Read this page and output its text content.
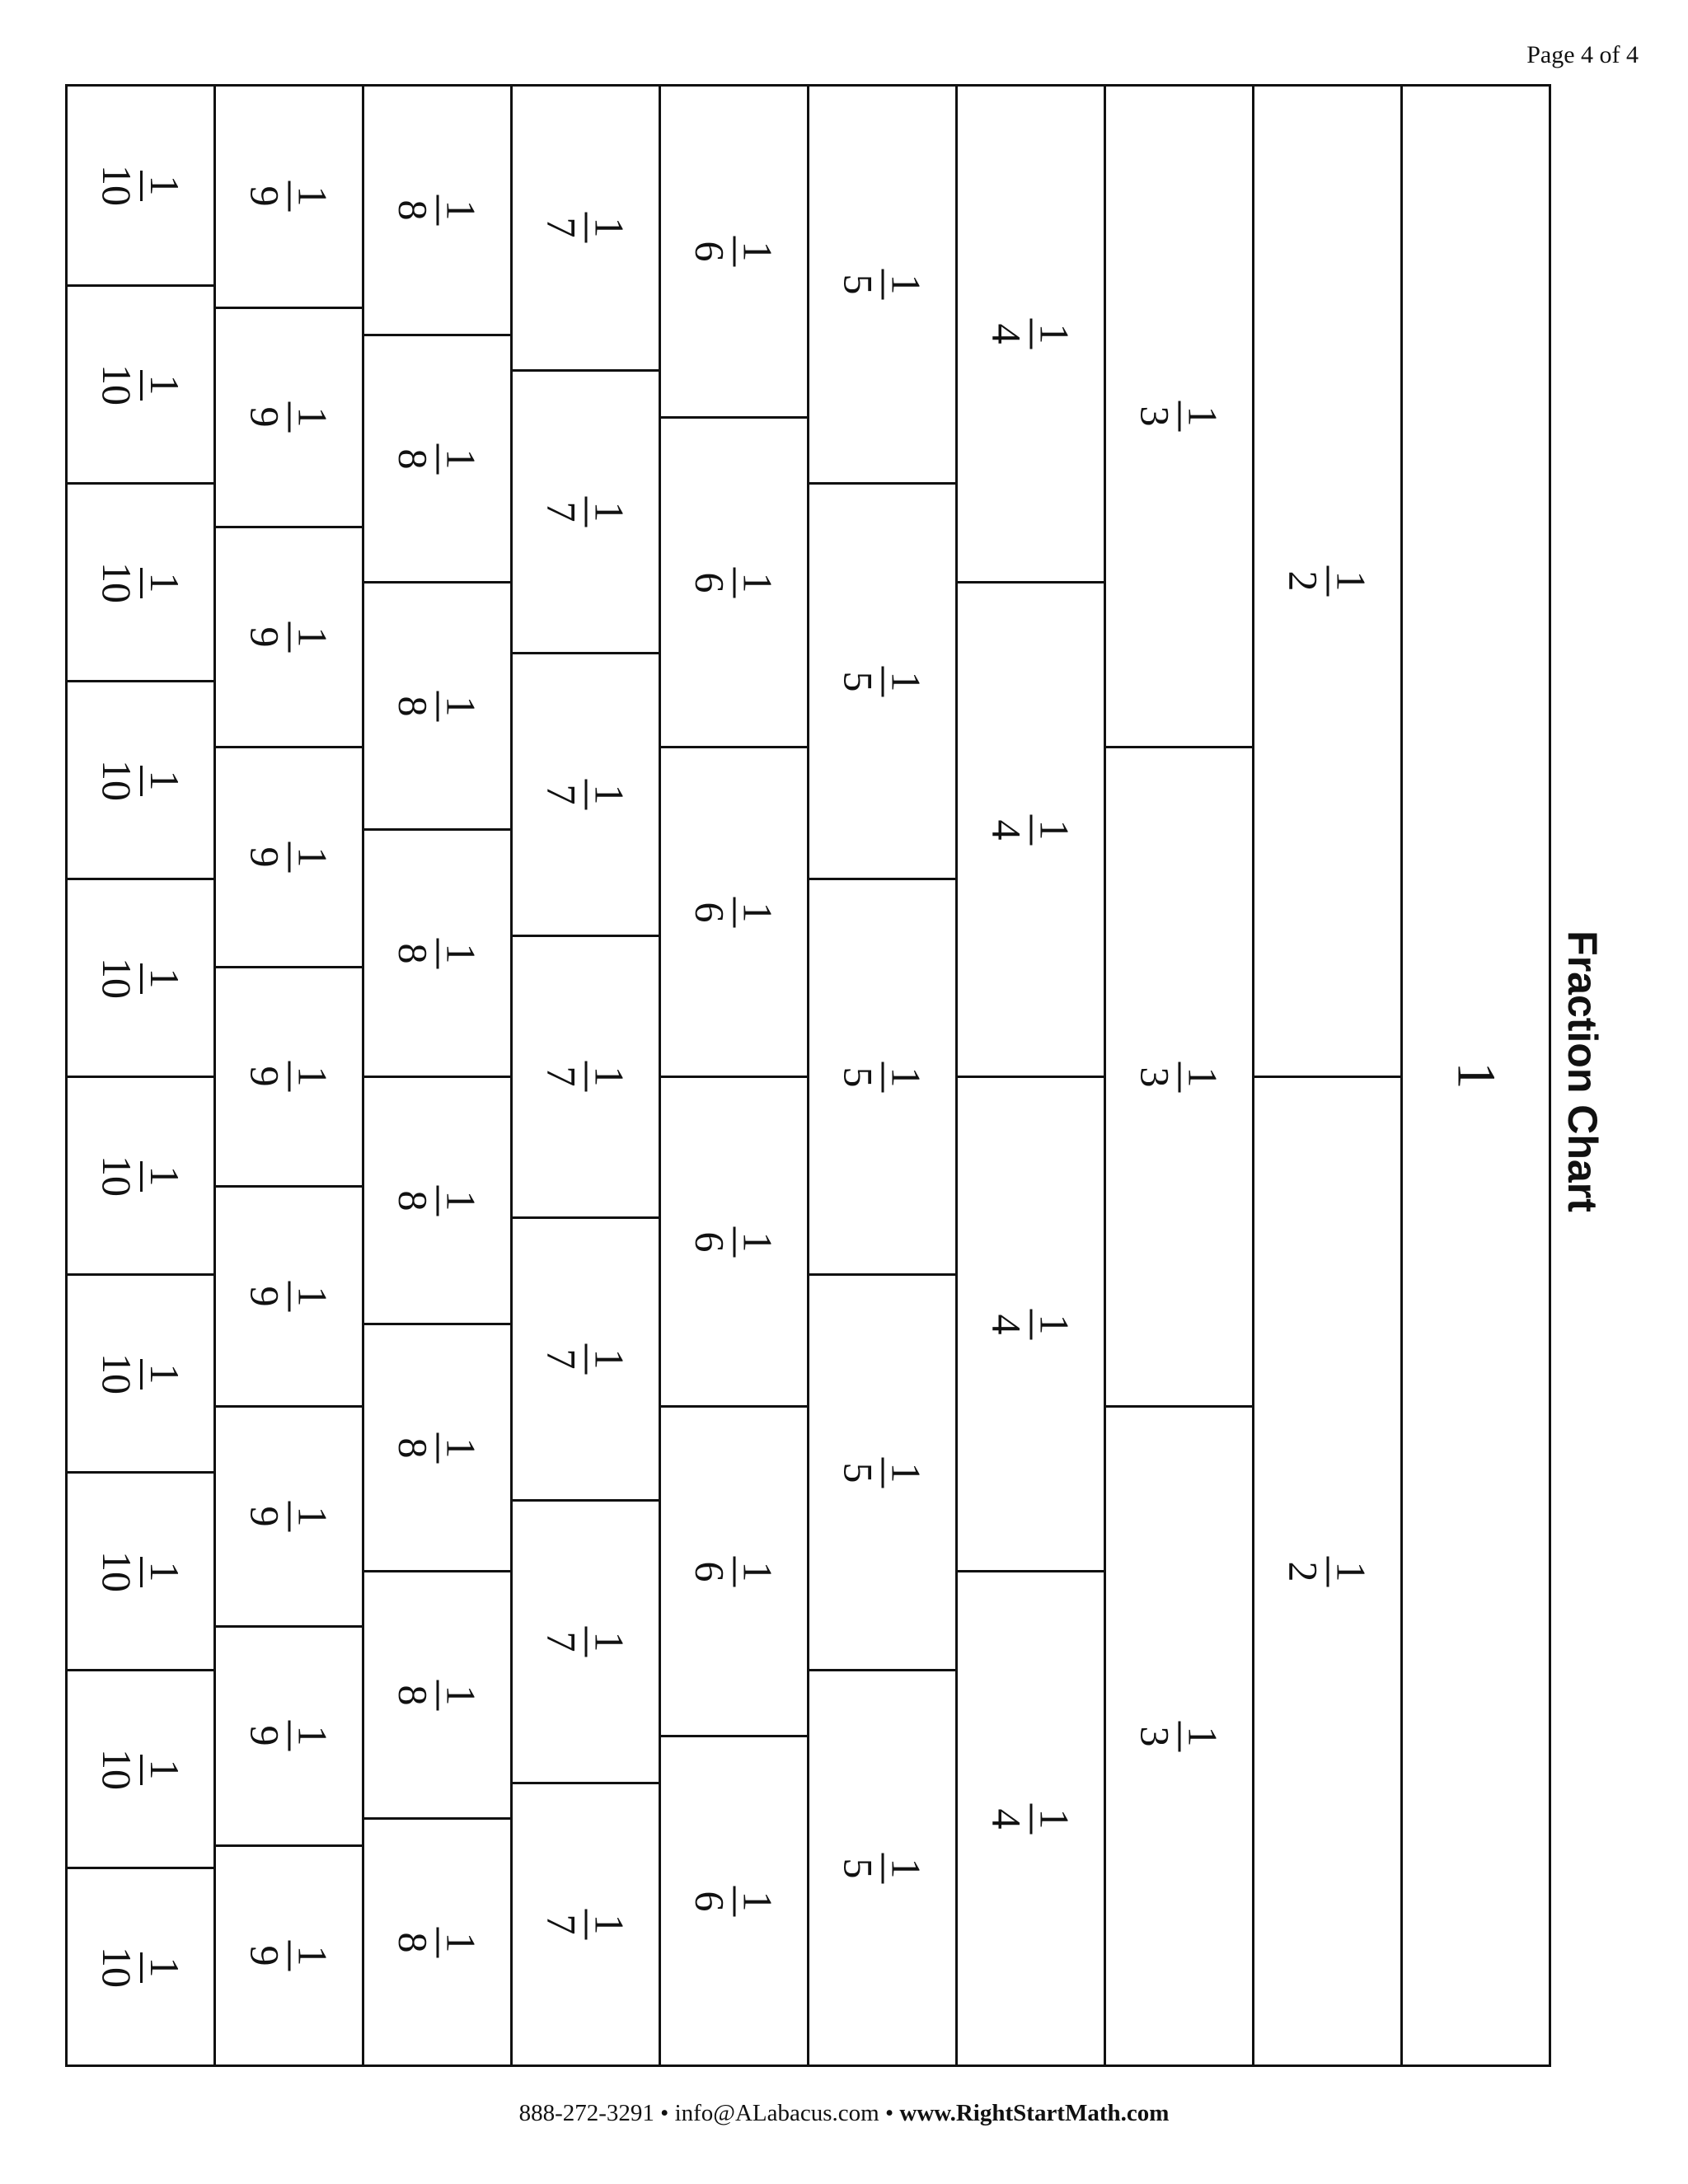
Page 4 of 4
1
10
1
10
1
10
1
10
1
10
1
10
1
10
1
10
1
10
1
10
1
9
1
9
1
9
1
9
1
9
1
9
1
9
1
9
1
9
1
8
1
8
1
8
1
8
1
8
1
8
1
8
1
8
1
7
1
7
1
7
1
7
1
7
1
7
1
7
1
6
1
6
1
6
1
6
1
6
1
6
1
5
1
5
1
5
1
5
1
5
1
4
1
4
1
4
1
4
1
3
1
3
1
3
1
2
1
2
1 Fraction Chart
888-272-3291 • info@ALabacus.com • www.RightStartMath.com
